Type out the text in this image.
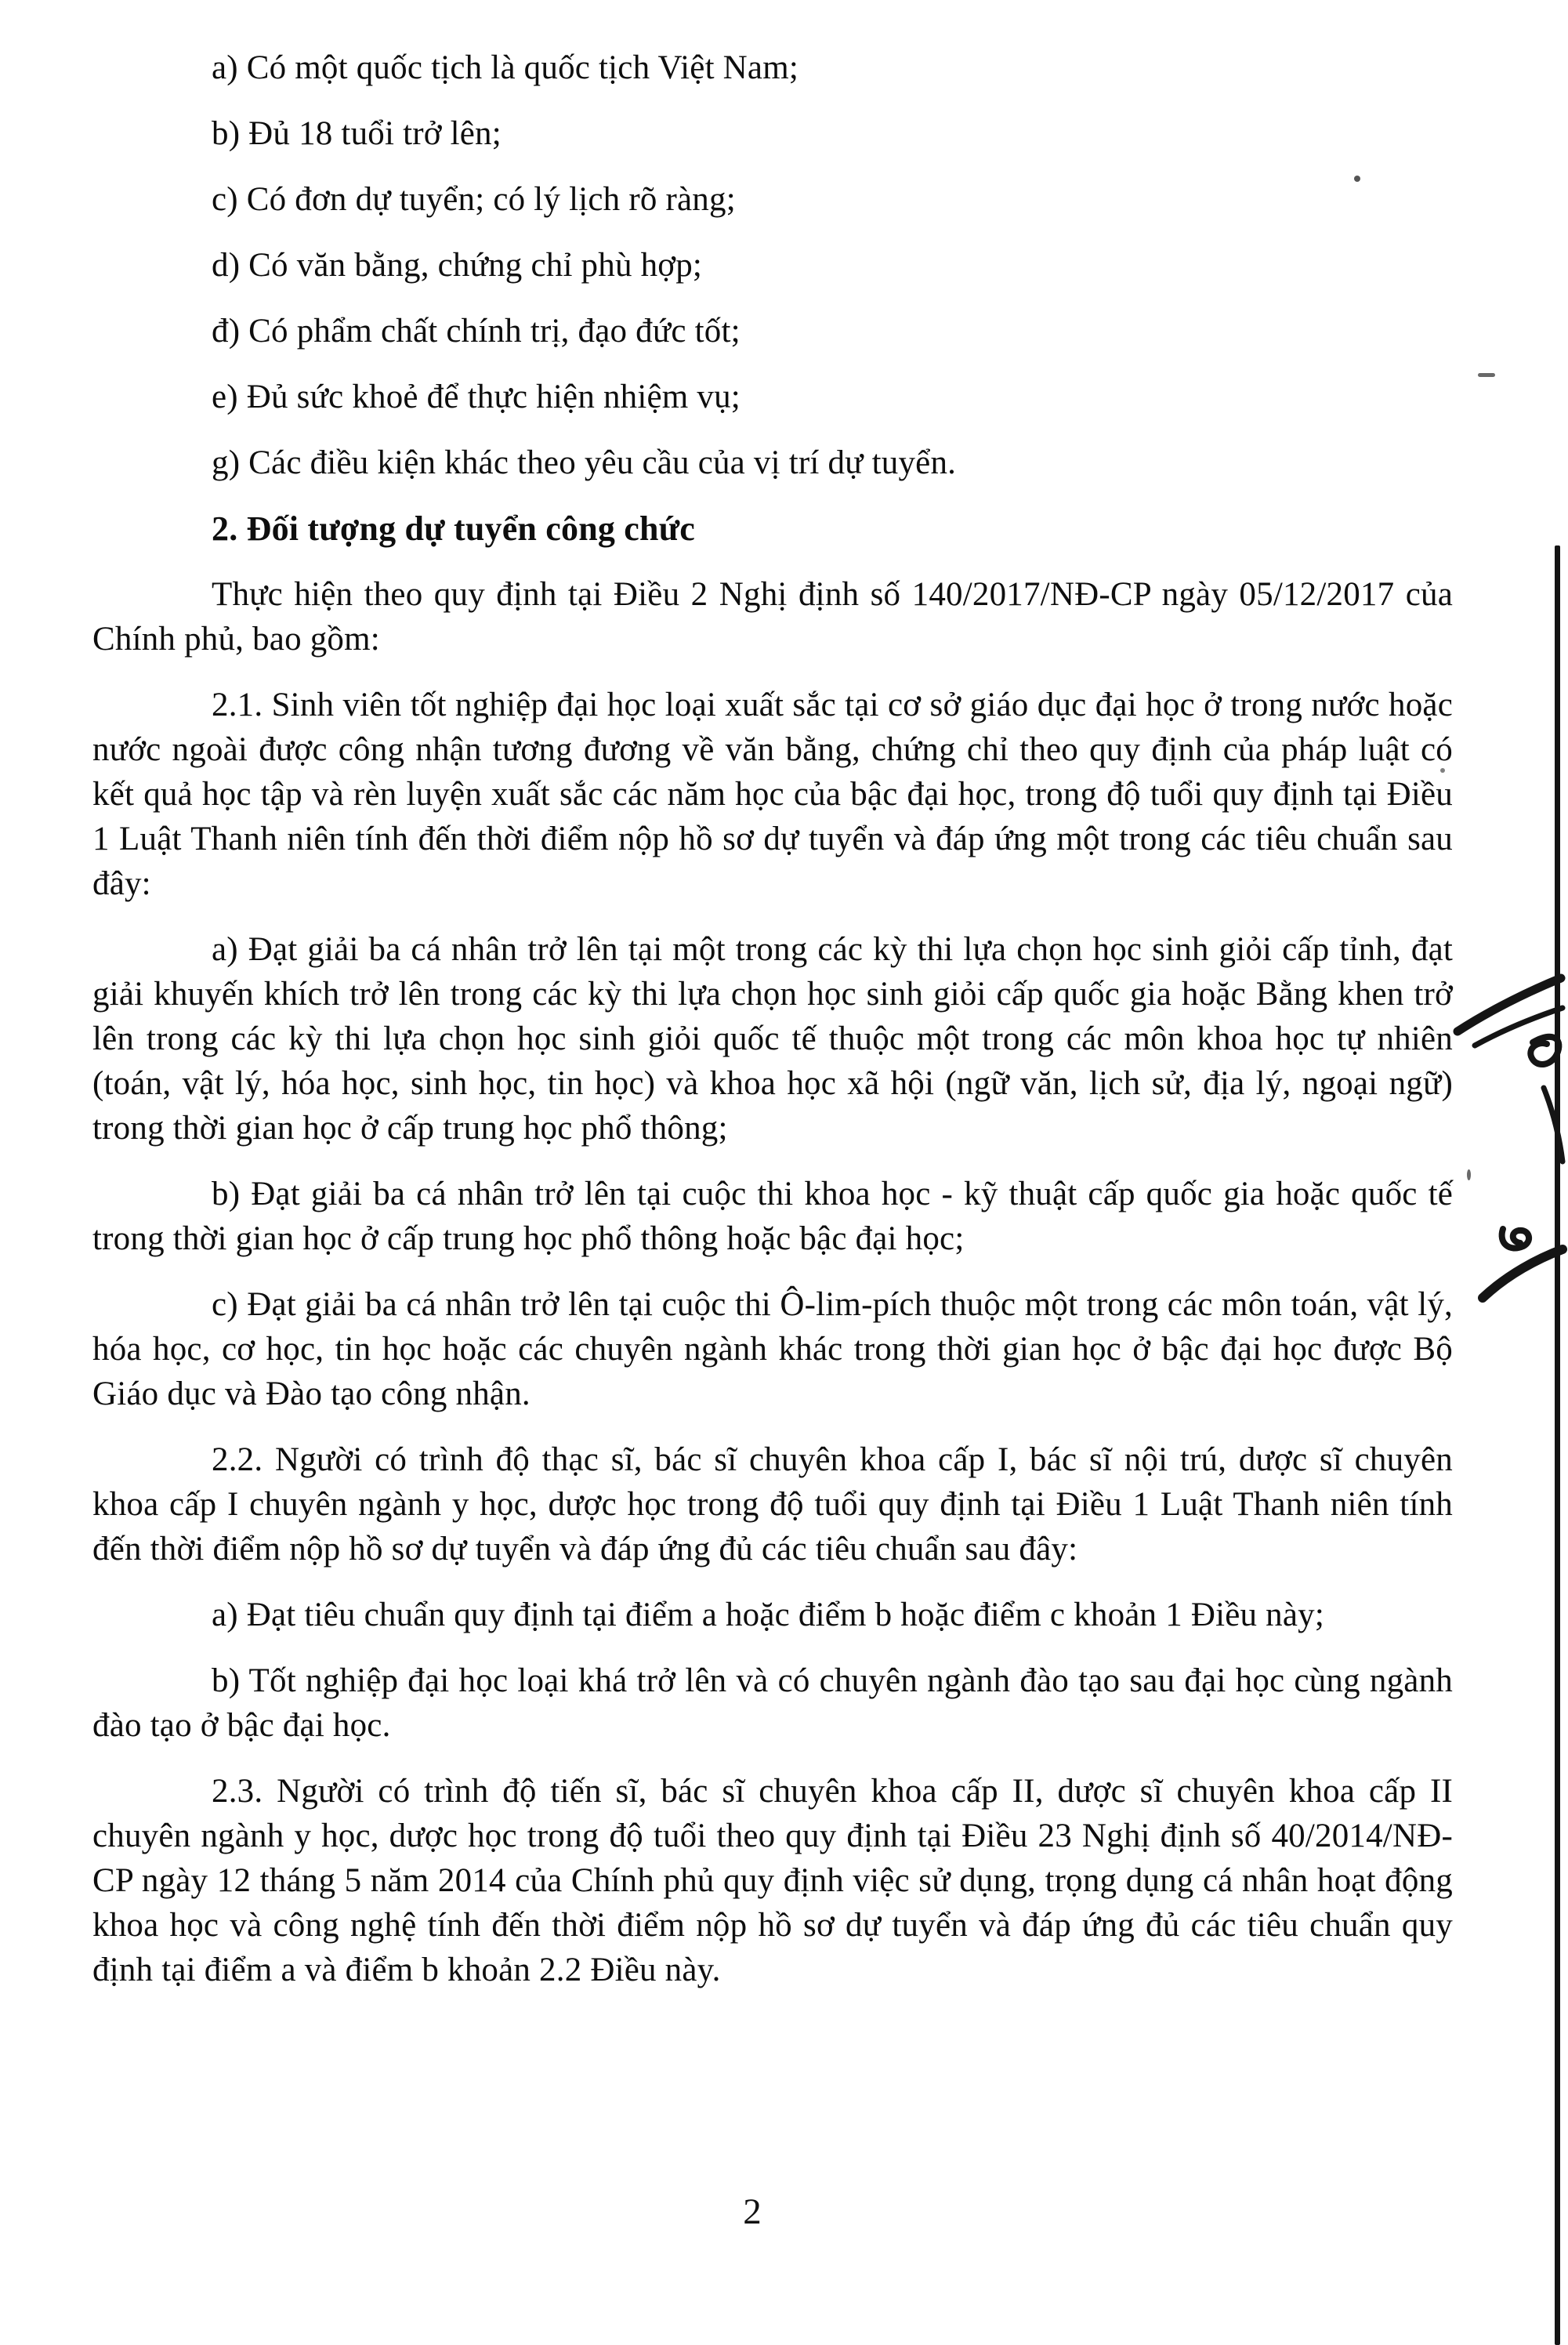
a) Có một quốc tịch là quốc tịch Việt Nam;

b) Đủ 18 tuổi trở lên;

c) Có đơn dự tuyển; có lý lịch rõ ràng;

d) Có văn bằng, chứng chỉ phù hợp;

đ) Có phẩm chất chính trị, đạo đức tốt;

e) Đủ sức khoẻ để thực hiện nhiệm vụ;

g) Các điều kiện khác theo yêu cầu của vị trí dự tuyển.

2. Đối tượng dự tuyển công chức

Thực hiện theo quy định tại Điều 2 Nghị định số 140/2017/NĐ-CP ngày 05/12/2017 của Chính phủ, bao gồm:

2.1. Sinh viên tốt nghiệp đại học loại xuất sắc tại cơ sở giáo dục đại học ở trong nước hoặc nước ngoài được công nhận tương đương về văn bằng, chứng chỉ theo quy định của pháp luật có kết quả học tập và rèn luyện xuất sắc các năm học của bậc đại học, trong độ tuổi quy định tại Điều 1 Luật Thanh niên tính đến thời điểm nộp hồ sơ dự tuyển và đáp ứng một trong các tiêu chuẩn sau đây:

a) Đạt giải ba cá nhân trở lên tại một trong các kỳ thi lựa chọn học sinh giỏi cấp tỉnh, đạt giải khuyến khích trở lên trong các kỳ thi lựa chọn học sinh giỏi cấp quốc gia hoặc Bằng khen trở lên trong các kỳ thi lựa chọn học sinh giỏi quốc tế thuộc một trong các môn khoa học tự nhiên (toán, vật lý, hóa học, sinh học, tin học) và khoa học xã hội (ngữ văn, lịch sử, địa lý, ngoại ngữ) trong thời gian học ở cấp trung học phổ thông;

b) Đạt giải ba cá nhân trở lên tại cuộc thi khoa học - kỹ thuật cấp quốc gia hoặc quốc tế trong thời gian học ở cấp trung học phổ thông hoặc bậc đại học;

c) Đạt giải ba cá nhân trở lên tại cuộc thi Ô-lim-pích thuộc một trong các môn toán, vật lý, hóa học, cơ học, tin học hoặc các chuyên ngành khác trong thời gian học ở bậc đại học được Bộ Giáo dục và Đào tạo công nhận.

2.2. Người có trình độ thạc sĩ, bác sĩ chuyên khoa cấp I, bác sĩ nội trú, dược sĩ chuyên khoa cấp I chuyên ngành y học, dược học trong độ tuổi quy định tại Điều 1 Luật Thanh niên tính đến thời điểm nộp hồ sơ dự tuyển và đáp ứng đủ các tiêu chuẩn sau đây:

a) Đạt tiêu chuẩn quy định tại điểm a hoặc điểm b hoặc điểm c khoản 1 Điều này;

b) Tốt nghiệp đại học loại khá trở lên và có chuyên ngành đào tạo sau đại học cùng ngành đào tạo ở bậc đại học.

2.3. Người có trình độ tiến sĩ, bác sĩ chuyên khoa cấp II, dược sĩ chuyên khoa cấp II chuyên ngành y học, dược học trong độ tuổi theo quy định tại Điều 23 Nghị định số 40/2014/NĐ-CP ngày 12 tháng 5 năm 2014 của Chính phủ quy định việc sử dụng, trọng dụng cá nhân hoạt động khoa học và công nghệ tính đến thời điểm nộp hồ sơ dự tuyển và đáp ứng đủ các tiêu chuẩn quy định tại điểm a và điểm b khoản 2.2 Điều này.

2
